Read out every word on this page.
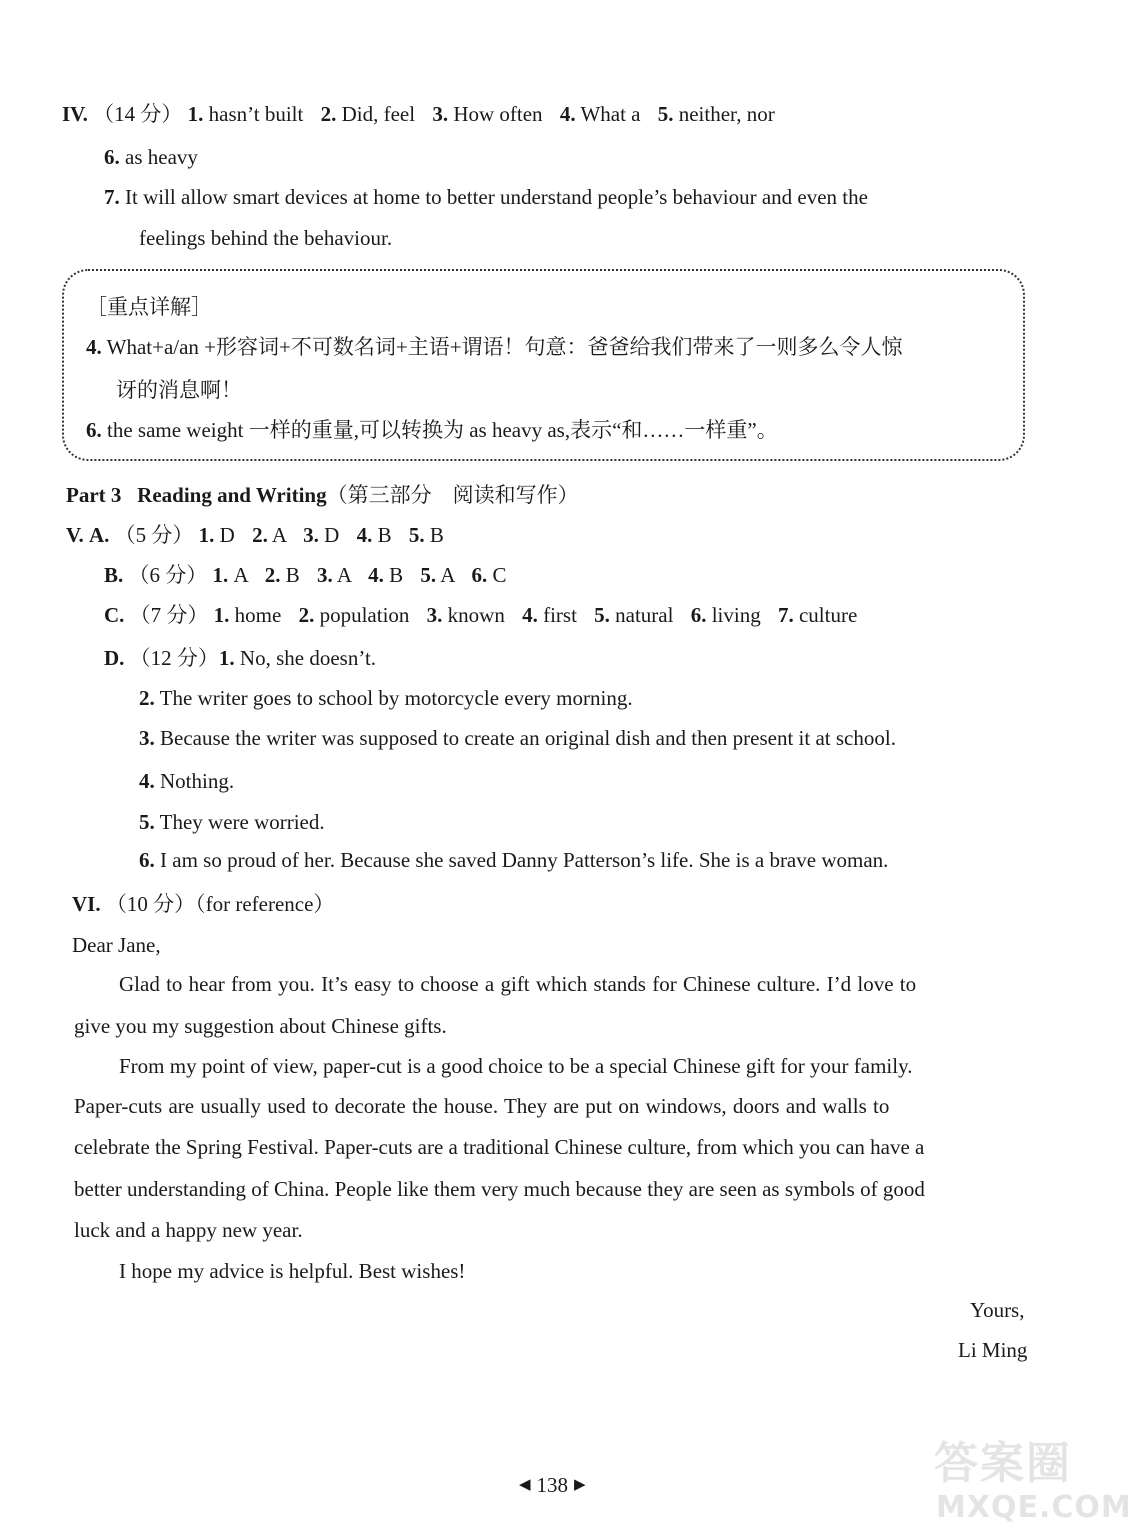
IV. （14 分） 1. hasn’t built 2. Did, feel 3. How often 4. What a 5. neither, nor
6. as heavy
7. It will allow smart devices at home to better understand people’s behaviour and even the
feelings behind the behaviour.
［重点详解］
4. What+a/an +形容词+不可数名词+主语+谓语！句意：爸爸给我们带来了一则多么令人惊
讶的消息啊！
6. the same weight 一样的重量,可以转换为 as heavy as,表示“和……一样重”。
Part 3 Reading and Writing（第三部分　阅读和写作）
V. A. （5 分） 1. D 2. A 3. D 4. B 5. B
B. （6 分） 1. A 2. B 3. A 4. B 5. A 6. C
C. （7 分） 1. home 2. population 3. known 4. first 5. natural 6. living 7. culture
D. （12 分）1. No, she doesn’t.
2. The writer goes to school by motorcycle every morning.
3. Because the writer was supposed to create an original dish and then present it at school.
4. Nothing.
5. They were worried.
6. I am so proud of her. Because she saved Danny Patterson’s life. She is a brave woman.
VI. （10 分）（for reference）
Dear Jane,
Glad to hear from you. It’s easy to choose a gift which stands for Chinese culture. I’d love to
give you my suggestion about Chinese gifts.
From my point of view, paper-cut is a good choice to be a special Chinese gift for your family.
Paper-cuts are usually used to decorate the house. They are put on windows, doors and walls to
celebrate the Spring Festival. Paper-cuts are a traditional Chinese culture, from which you can have a
better understanding of China. People like them very much because they are seen as symbols of good
luck and a happy new year.
I hope my advice is helpful. Best wishes!
Yours,
Li Ming
◀ 138 ▶	答案圈
MXQE.COM
